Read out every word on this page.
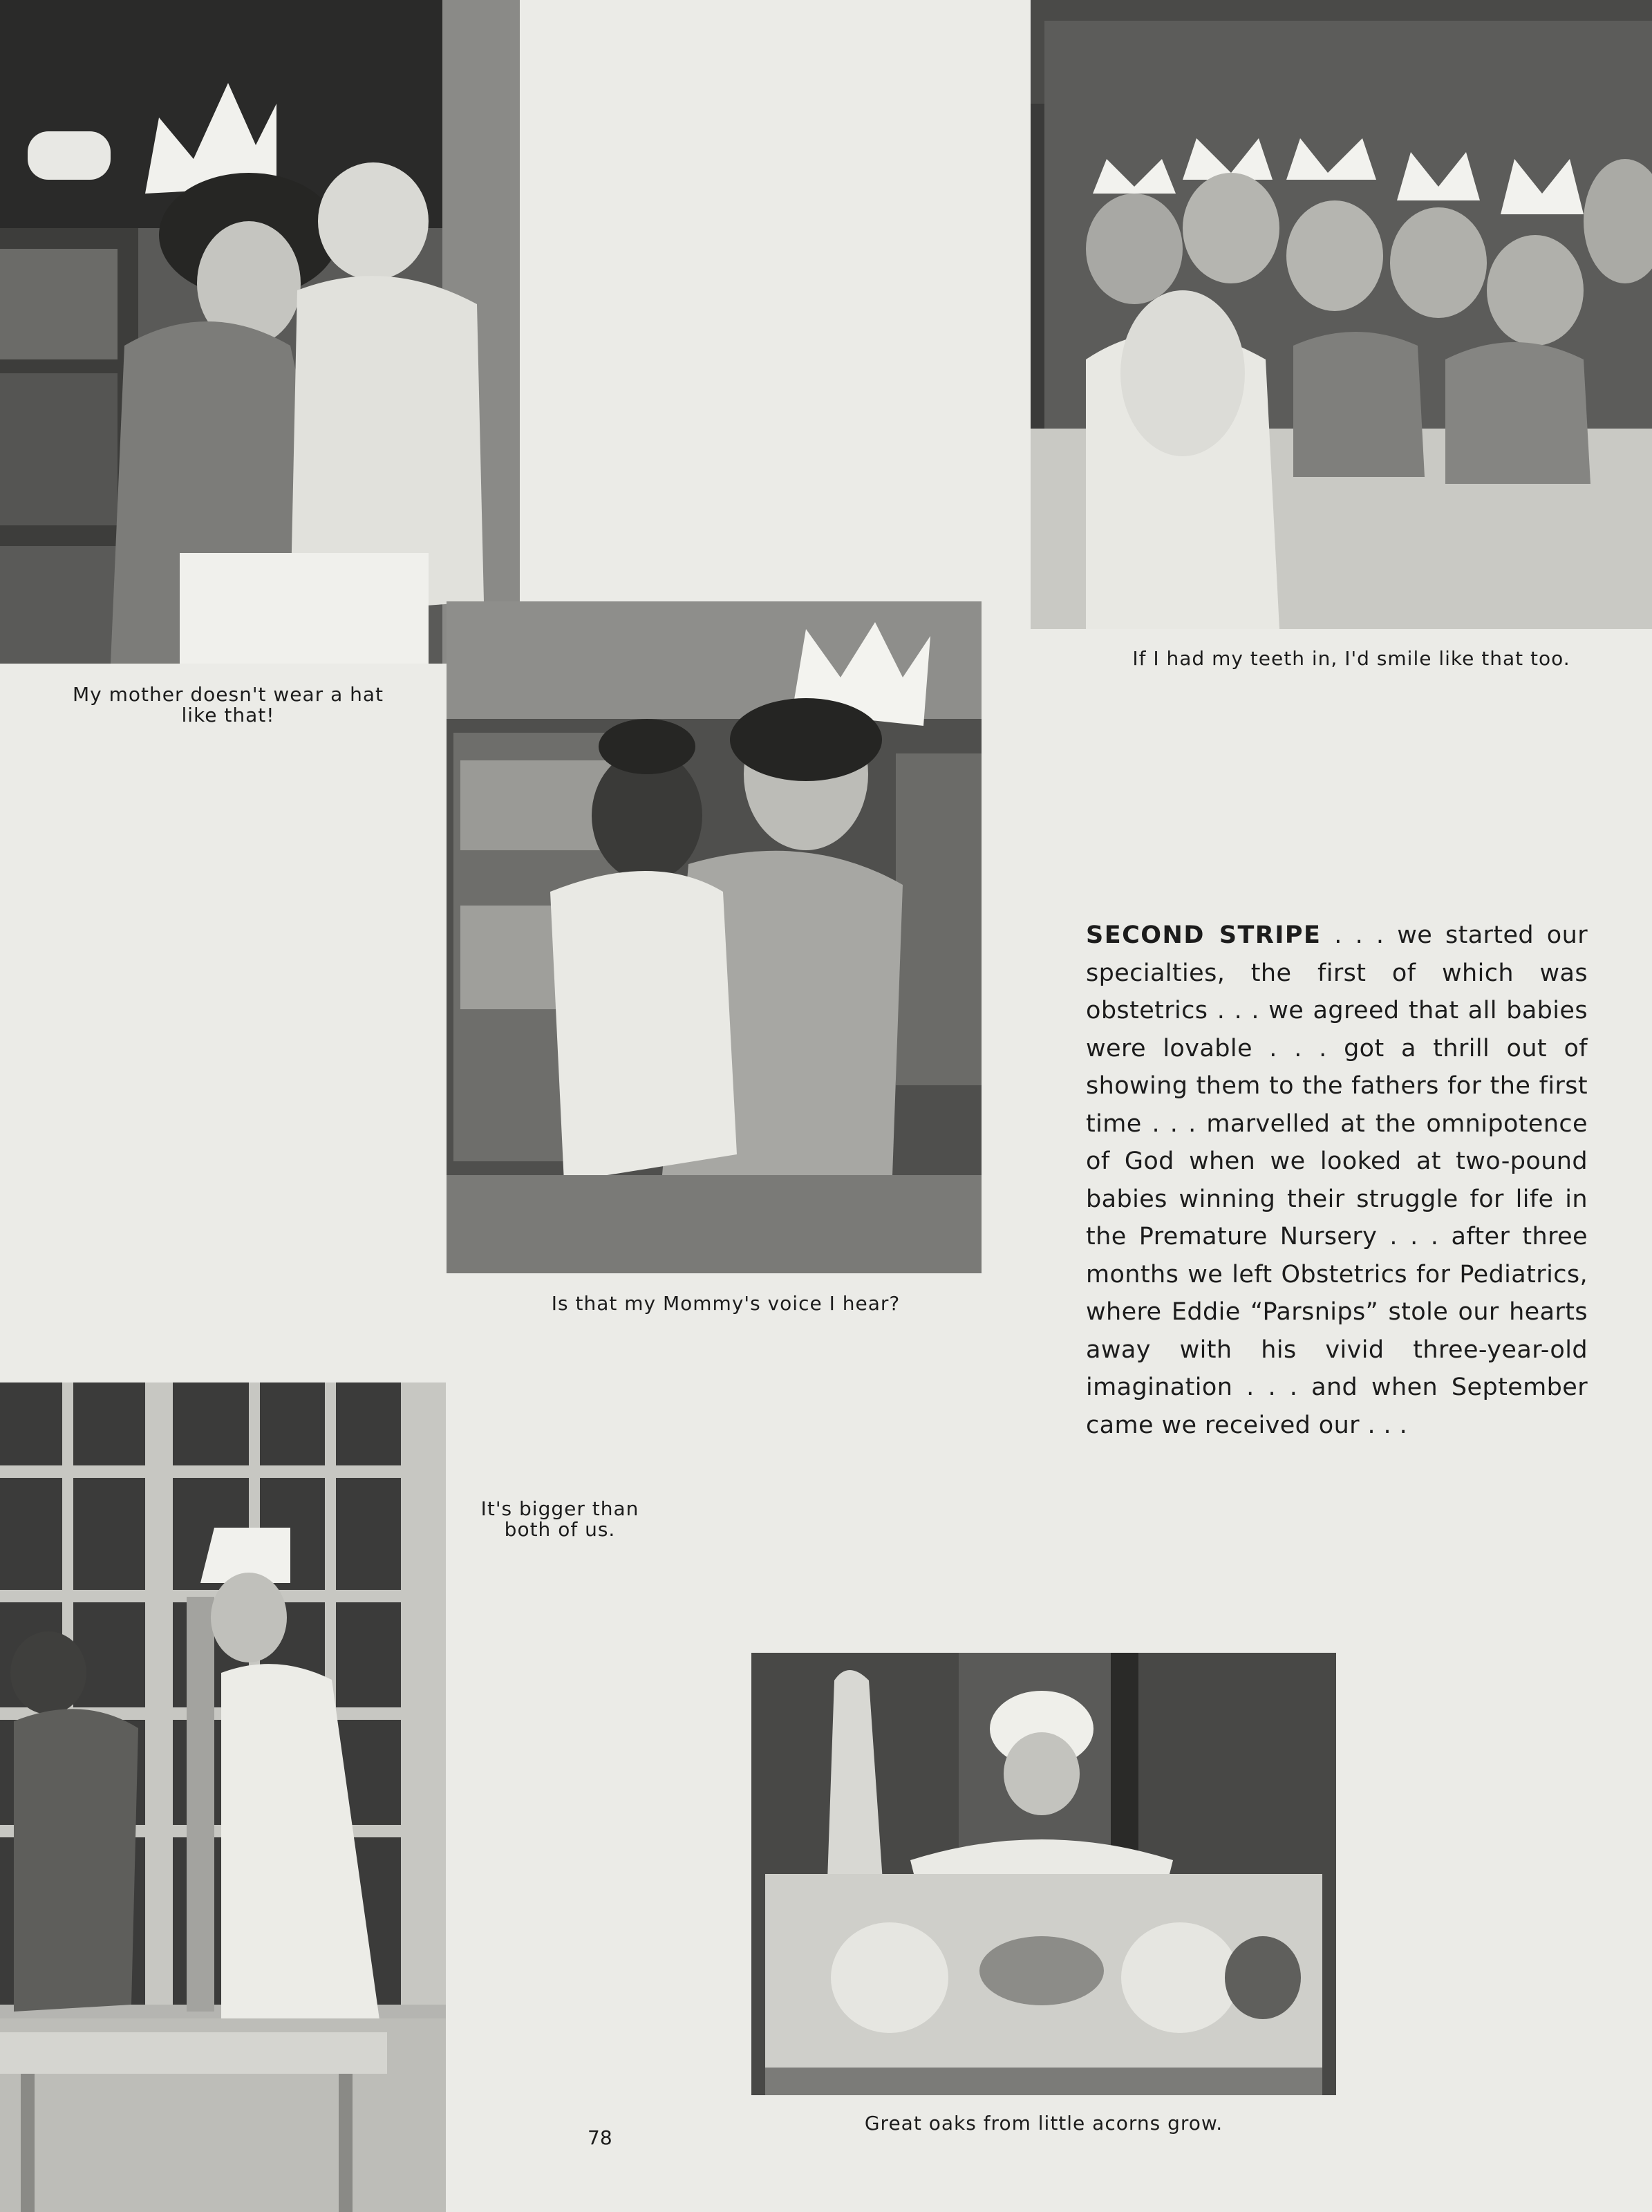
If I had my teeth in, I'd smile like that too.
My mother doesn't wear a hat
like that!
Is that my Mommy's voice I hear?
SECOND STRIPE . . . we started our specialties, the first of which was obstetrics . . . we agreed that all babies were lovable . . . got a thrill out of showing them to the fathers for the first time . . . marvelled at the omnipotence of God when we looked at two-pound babies winning their struggle for life in the Premature Nursery . . . after three months we left Obstetrics for Pediatrics, where Eddie “Parsnips” stole our hearts away with his vivid three-year-old imagination . . . and when September came we received our . . .
It's bigger than
both of us.
Great oaks from little acorns grow.
78
